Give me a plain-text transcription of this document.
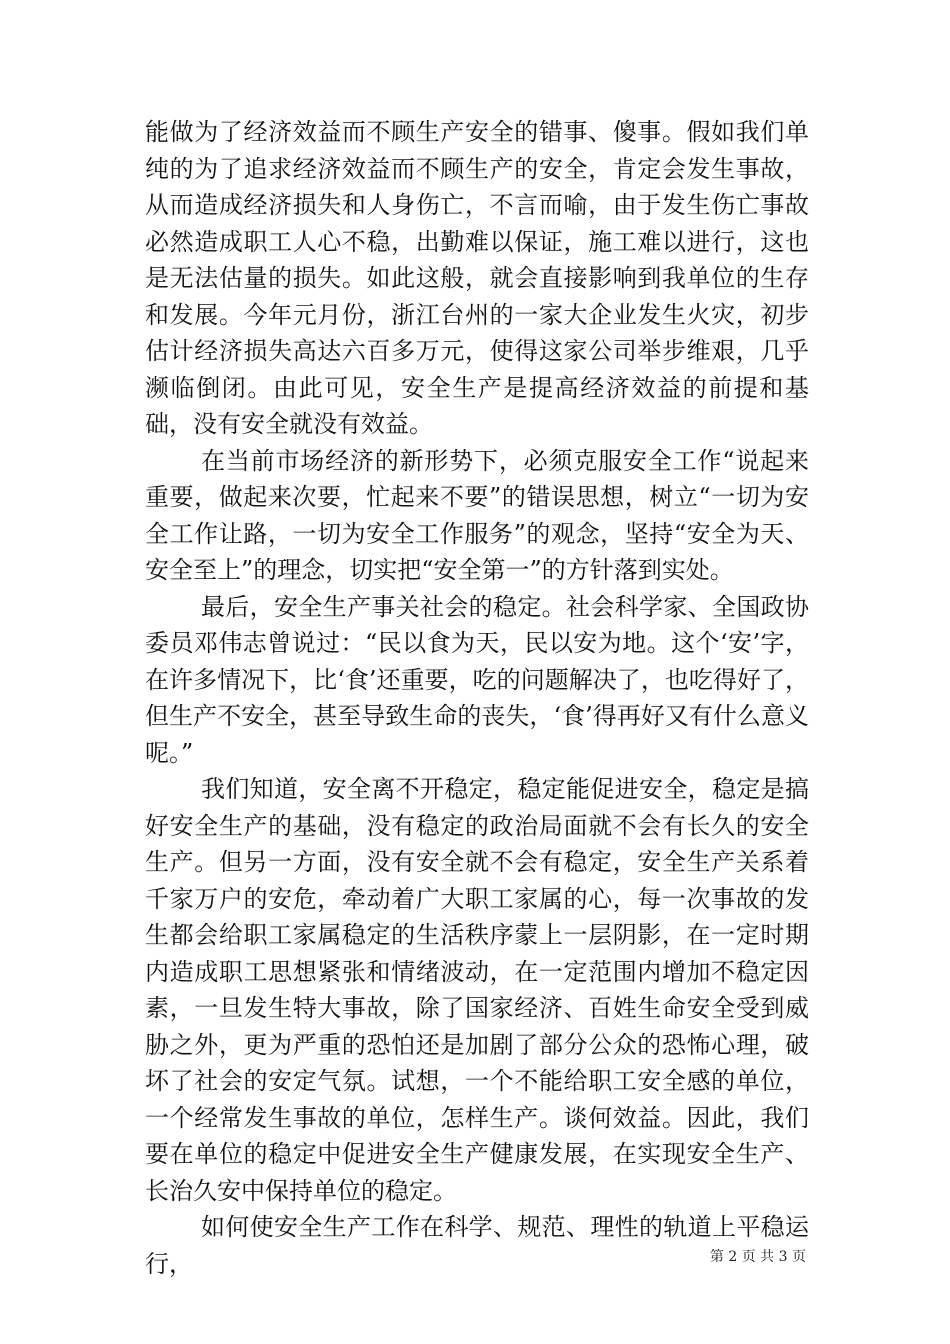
能做为了经济效益而不顾生产安全的错事、傻事。假如我们单纯的为了追求经济效益而不顾生产的安全，肯定会发生事故，从而造成经济损失和人身伤亡，不言而喻，由于发生伤亡事故必然造成职工人心不稳，出勤难以保证，施工难以进行，这也是无法估量的损失。如此这般，就会直接影响到我单位的生存和发展。今年元月份，浙江台州的一家大企业发生火灾，初步估计经济损失高达六百多万元，使得这家公司举步维艰，几乎濒临倒闭。由此可见，安全生产是提高经济效益的前提和基础，没有安全就没有效益。

在当前市场经济的新形势下，必须克服安全工作“说起来重要，做起来次要，忙起来不要”的错误思想，树立“一切为安全工作让路，一切为安全工作服务”的观念，坚持“安全为天、安全至上”的理念，切实把“安全第一”的方针落到实处。

最后，安全生产事关社会的稳定。社会科学家、全国政协委员邓伟志曾说过：“民以食为天，民以安为地。这个‘安’字，在许多情况下，比‘食’还重要，吃的问题解决了，也吃得好了，但生产不安全，甚至导致生命的丧失，‘食’得再好又有什么意义呢。”

我们知道，安全离不开稳定，稳定能促进安全，稳定是搞好安全生产的基础，没有稳定的政治局面就不会有长久的安全生产。但另一方面，没有安全就不会有稳定，安全生产关系着千家万户的安危，牵动着广大职工家属的心，每一次事故的发生都会给职工家属稳定的生活秩序蒙上一层阴影，在一定时期内造成职工思想紧张和情绪波动，在一定范围内增加不稳定因素，一旦发生特大事故，除了国家经济、百姓生命安全受到威胁之外，更为严重的恐怕还是加剧了部分公众的恐怖心理，破坏了社会的安定气氛。试想，一个不能给职工安全感的单位，一个经常发生事故的单位，怎样生产。谈何效益。因此，我们要在单位的稳定中促进安全生产健康发展，在实现安全生产、长治久安中保持单位的稳定。

如何使安全生产工作在科学、规范、理性的轨道上平稳运行，	第 2 页 共 3 页
